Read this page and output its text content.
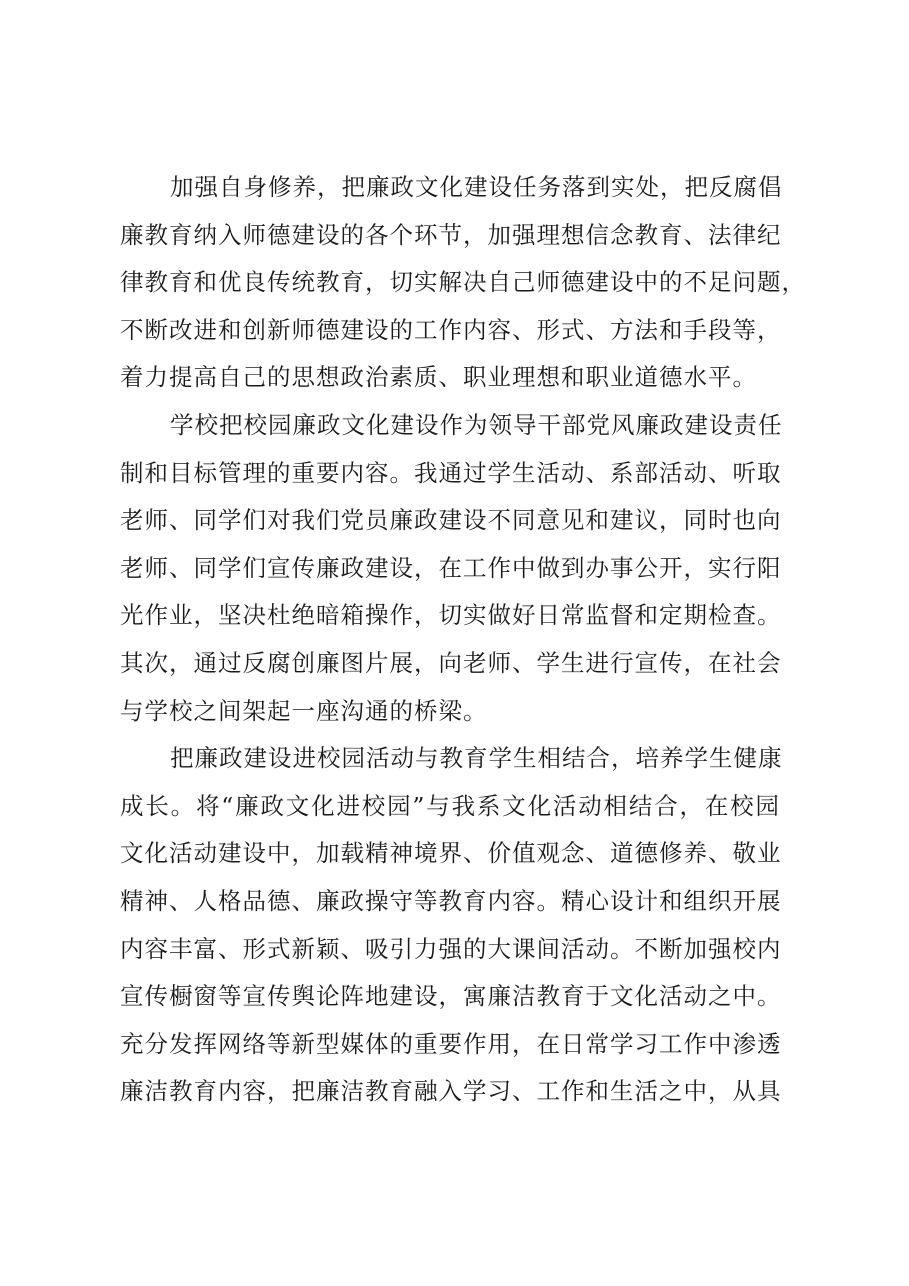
加强自身修养，把廉政文化建设任务落到实处，把反腐倡
廉教育纳入师德建设的各个环节，加强理想信念教育、法律纪
律教育和优良传统教育，切实解决自己师德建设中的不足问题，
不断改进和创新师德建设的工作内容、形式、方法和手段等，
着力提高自己的思想政治素质、职业理想和职业道德水平。
学校把校园廉政文化建设作为领导干部党风廉政建设责任
制和目标管理的重要内容。我通过学生活动、系部活动、听取
老师、同学们对我们党员廉政建设不同意见和建议，同时也向
老师、同学们宣传廉政建设，在工作中做到办事公开，实行阳
光作业，坚决杜绝暗箱操作，切实做好日常监督和定期检查。
其次，通过反腐创廉图片展，向老师、学生进行宣传，在社会
与学校之间架起一座沟通的桥梁。
把廉政建设进校园活动与教育学生相结合，培养学生健康
成长。将“廉政文化进校园”与我系文化活动相结合，在校园
文化活动建设中，加载精神境界、价值观念、道德修养、敬业
精神、人格品德、廉政操守等教育内容。精心设计和组织开展
内容丰富、形式新颖、吸引力强的大课间活动。不断加强校内
宣传橱窗等宣传舆论阵地建设，寓廉洁教育于文化活动之中。
充分发挥网络等新型媒体的重要作用，在日常学习工作中渗透
廉洁教育内容，把廉洁教育融入学习、工作和生活之中，从具
